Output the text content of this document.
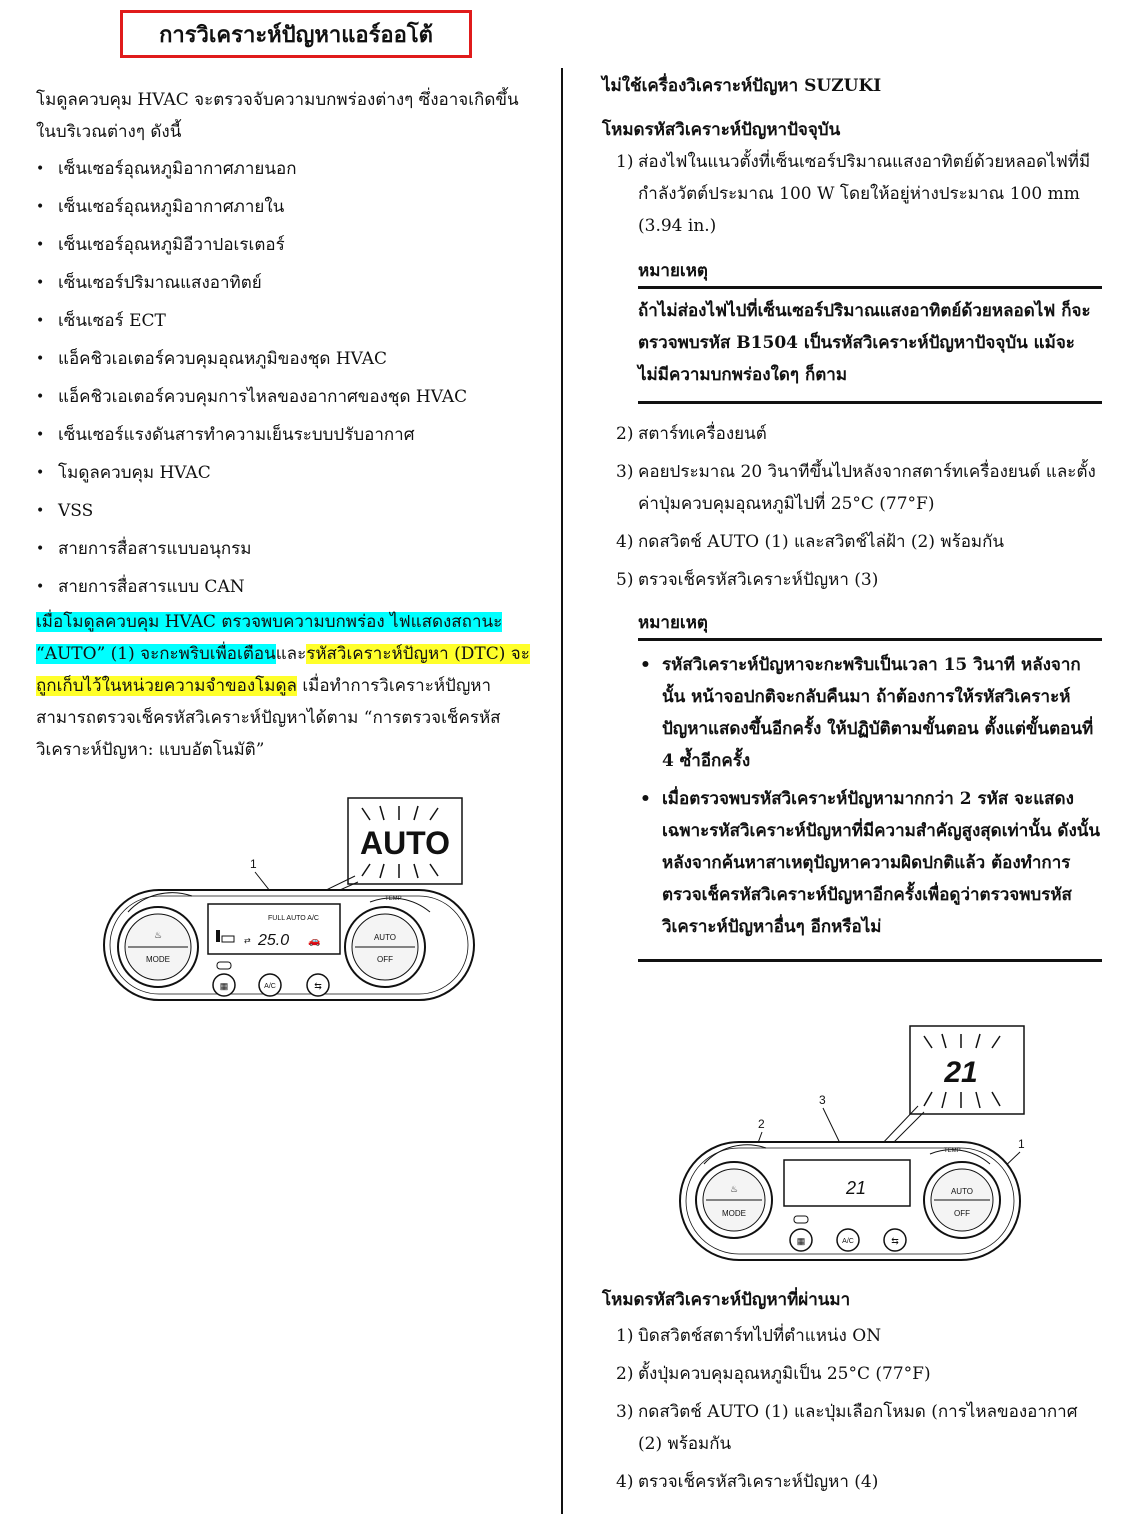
การวิเคราะห์ปัญหาแอร์ออโต้

โมดูลควบคุม HVAC จะตรวจจับความบกพร่องต่างๆ ซึ่งอาจเกิดขึ้นในบริเวณต่างๆ ดังนี้

• เซ็นเซอร์อุณหภูมิอากาศภายนอก
• เซ็นเซอร์อุณหภูมิอากาศภายใน
• เซ็นเซอร์อุณหภูมิอีวาปอเรเตอร์
• เซ็นเซอร์ปริมาณแสงอาทิตย์
• เซ็นเซอร์ ECT
• แอ็คชิวเอเตอร์ควบคุมอุณหภูมิของชุด HVAC
• แอ็คชิวเอเตอร์ควบคุมการไหลของอากาศของชุด HVAC
• เซ็นเซอร์แรงดันสารทำความเย็นระบบปรับอากาศ
• โมดูลควบคุม HVAC
• VSS
• สายการสื่อสารแบบอนุกรม
• สายการสื่อสารแบบ CAN

เมื่อโมดูลควบคุม HVAC ตรวจพบความบกพร่อง ไฟแสดงสถานะ “AUTO” (1) จะกะพริบเพื่อเตือนและรหัสวิเคราะห์ปัญหา (DTC) จะถูกเก็บไว้ในหน่วยความจำของโมดูล เมื่อทำการวิเคราะห์ปัญหา สามารถตรวจเช็ครหัสวิเคราะห์ปัญหาได้ตาม “การตรวจเช็ครหัสวิเคราะห์ปัญหา: แบบอัตโนมัติ”

AUTO
1
♨
MODE
FULL AUTO A/C
⇄ 25.0 🚗
TEMP
AUTO
OFF
▦	A/C	⇆

ไม่ใช้เครื่องวิเคราะห์ปัญหา SUZUKI

โหมดรหัสวิเคราะห์ปัญหาปัจจุบัน

1) ส่องไฟในแนวตั้งที่เซ็นเซอร์ปริมาณแสงอาทิตย์ด้วยหลอดไฟที่มีกำลังวัตต์ประมาณ 100 W โดยให้อยู่ห่างประมาณ 100 mm (3.94 in.)
หมายเหตุ

ถ้าไม่ส่องไฟไปที่เซ็นเซอร์ปริมาณแสงอาทิตย์ด้วยหลอดไฟ ก็จะตรวจพบรหัส B1504 เป็นรหัสวิเคราะห์ปัญหาปัจจุบัน แม้จะไม่มีความบกพร่องใดๆ ก็ตาม

2) สตาร์ทเครื่องยนต์
3) คอยประมาณ 20 วินาทีขึ้นไปหลังจากสตาร์ทเครื่องยนต์ และตั้งค่าปุ่มควบคุมอุณหภูมิไปที่ 25°C (77°F)
4) กดสวิตช์ AUTO (1) และสวิตช์ไล่ฝ้า (2) พร้อมกัน
5) ตรวจเช็ครหัสวิเคราะห์ปัญหา (3)
หมายเหตุ
• รหัสวิเคราะห์ปัญหาจะกะพริบเป็นเวลา 15 วินาที หลังจากนั้น หน้าจอปกติจะกลับคืนมา ถ้าต้องการให้รหัสวิเคราะห์ปัญหาแสดงขึ้นอีกครั้ง ให้ปฏิบัติตามขั้นตอน ตั้งแต่ขั้นตอนที่ 4 ซ้ำอีกครั้ง
• เมื่อตรวจพบรหัสวิเคราะห์ปัญหามากกว่า 2 รหัส จะแสดงเฉพาะรหัสวิเคราะห์ปัญหาที่มีความสำคัญสูงสุดเท่านั้น ดังนั้น หลังจากค้นหาสาเหตุปัญหาความผิดปกติแล้ว ต้องทำการตรวจเช็ครหัสวิเคราะห์ปัญหาอีกครั้งเพื่อดูว่าตรวจพบรหัสวิเคราะห์ปัญหาอื่นๆ อีกหรือไม่
21
3
2
1
♨
MODE
21
TEMP
AUTO
OFF
▦	A/C	⇆

โหมดรหัสวิเคราะห์ปัญหาที่ผ่านมา

1) บิดสวิตช์สตาร์ทไปที่ตำแหน่ง ON
2) ตั้งปุ่มควบคุมอุณหภูมิเป็น 25°C (77°F)
3) กดสวิตช์ AUTO (1) และปุ่มเลือกโหมด (การไหลของอากาศ (2) พร้อมกัน
4) ตรวจเช็ครหัสวิเคราะห์ปัญหา (4)
